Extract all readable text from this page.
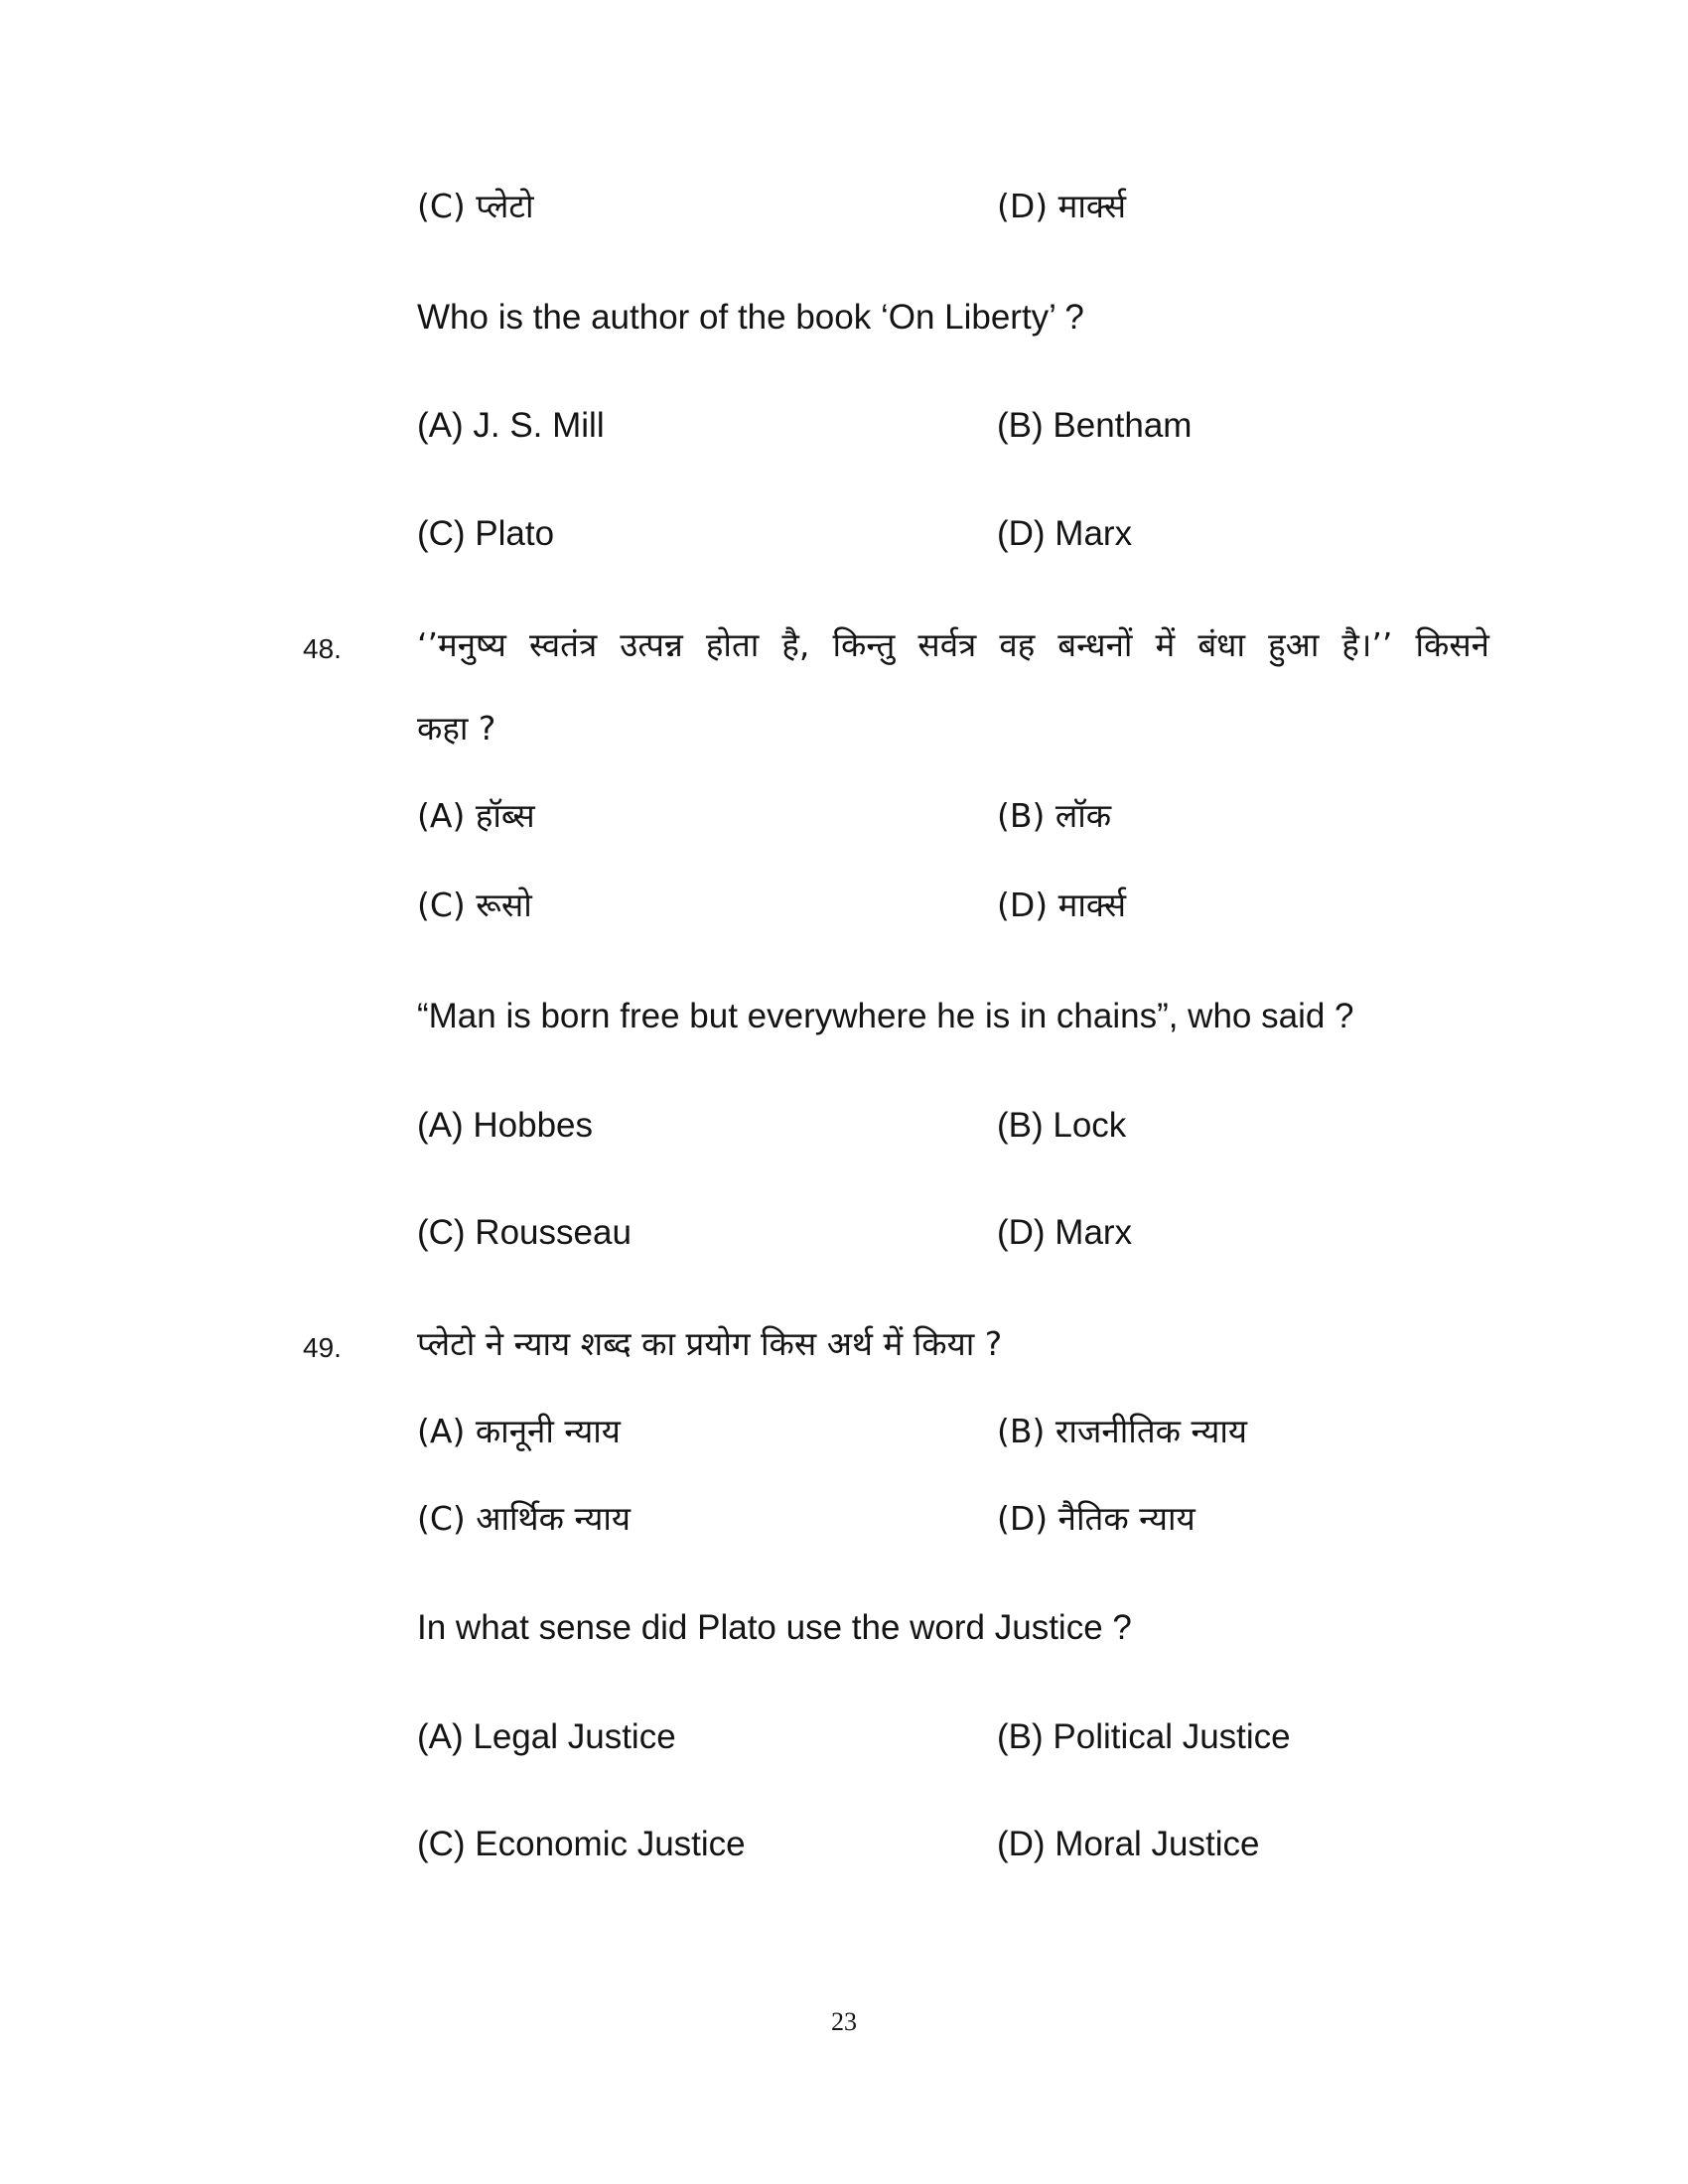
(C) प्लेटो	(D) मार्क्स
Who is the author of the book ‘On Liberty’ ?
(A) J. S. Mill	(B) Bentham
(C) Plato	(D) Marx
48. ‘’मनुष्य स्वतंत्र उत्पन्न होता है, किन्तु सर्वत्र वह बन्धनों में बंधा हुआ है।’’ किसने
कहा ?
(A) हॉब्स	(B) लॉक
(C) रूसो	(D) मार्क्स
“Man is born free but everywhere he is in chains”, who said ?
(A) Hobbes	(B) Lock
(C) Rousseau	(D) Marx
49. प्लेटो ने न्याय शब्द का प्रयोग किस अर्थ में किया ?
(A) कानूनी न्याय	(B) राजनीतिक न्याय
(C) आर्थिक न्याय	(D) नैतिक न्याय
In what sense did Plato use the word Justice ?
(A) Legal Justice	(B) Political Justice
(C) Economic Justice	(D) Moral Justice
23
